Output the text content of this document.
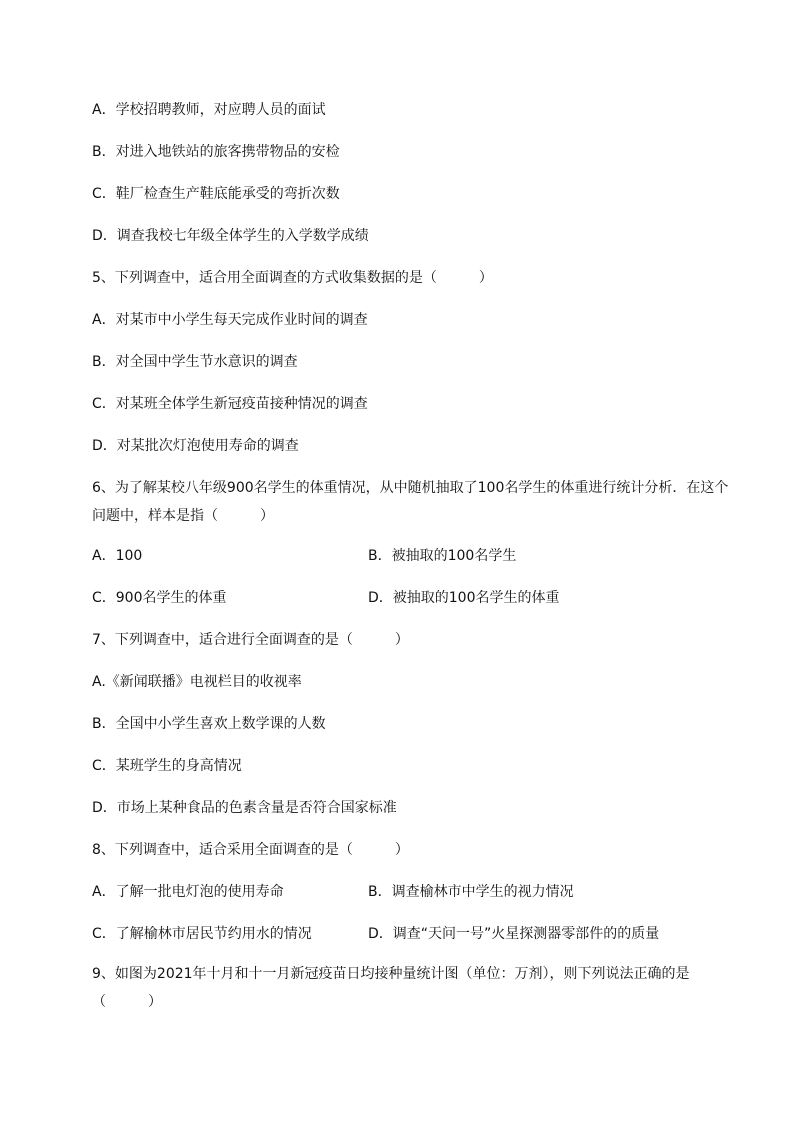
A．学校招聘教师，对应聘人员的面试
B．对进入地铁站的旅客携带物品的安检
C．鞋厂检查生产鞋底能承受的弯折次数
D．调查我校七年级全体学生的入学数学成绩
5、下列调查中，适合用全面调查的方式收集数据的是（　　　）
A．对某市中小学生每天完成作业时间的调查
B．对全国中学生节水意识的调查
C．对某班全体学生新冠疫苗接种情况的调查
D．对某批次灯泡使用寿命的调查
6、为了解某校八年级900名学生的体重情况，从中随机抽取了100名学生的体重进行统计分析．在这个问题中，样本是指（　　　）
A．100	B．被抽取的100名学生
C．900名学生的体重	D．被抽取的100名学生的体重
7、下列调查中，适合进行全面调查的是（　　　）
A.《新闻联播》电视栏目的收视率
B．全国中小学生喜欢上数学课的人数
C．某班学生的身高情况
D．市场上某种食品的色素含量是否符合国家标准
8、下列调查中，适合采用全面调查的是（　　　）
A．了解一批电灯泡的使用寿命	B．调查榆林市中学生的视力情况
C．了解榆林市居民节约用水的情况	D．调查“天问一号”火星探测器零部件的的质量
9、如图为2021年十月和十一月新冠疫苗日均接种量统计图（单位：万剂），则下列说法正确的是（　　　）
